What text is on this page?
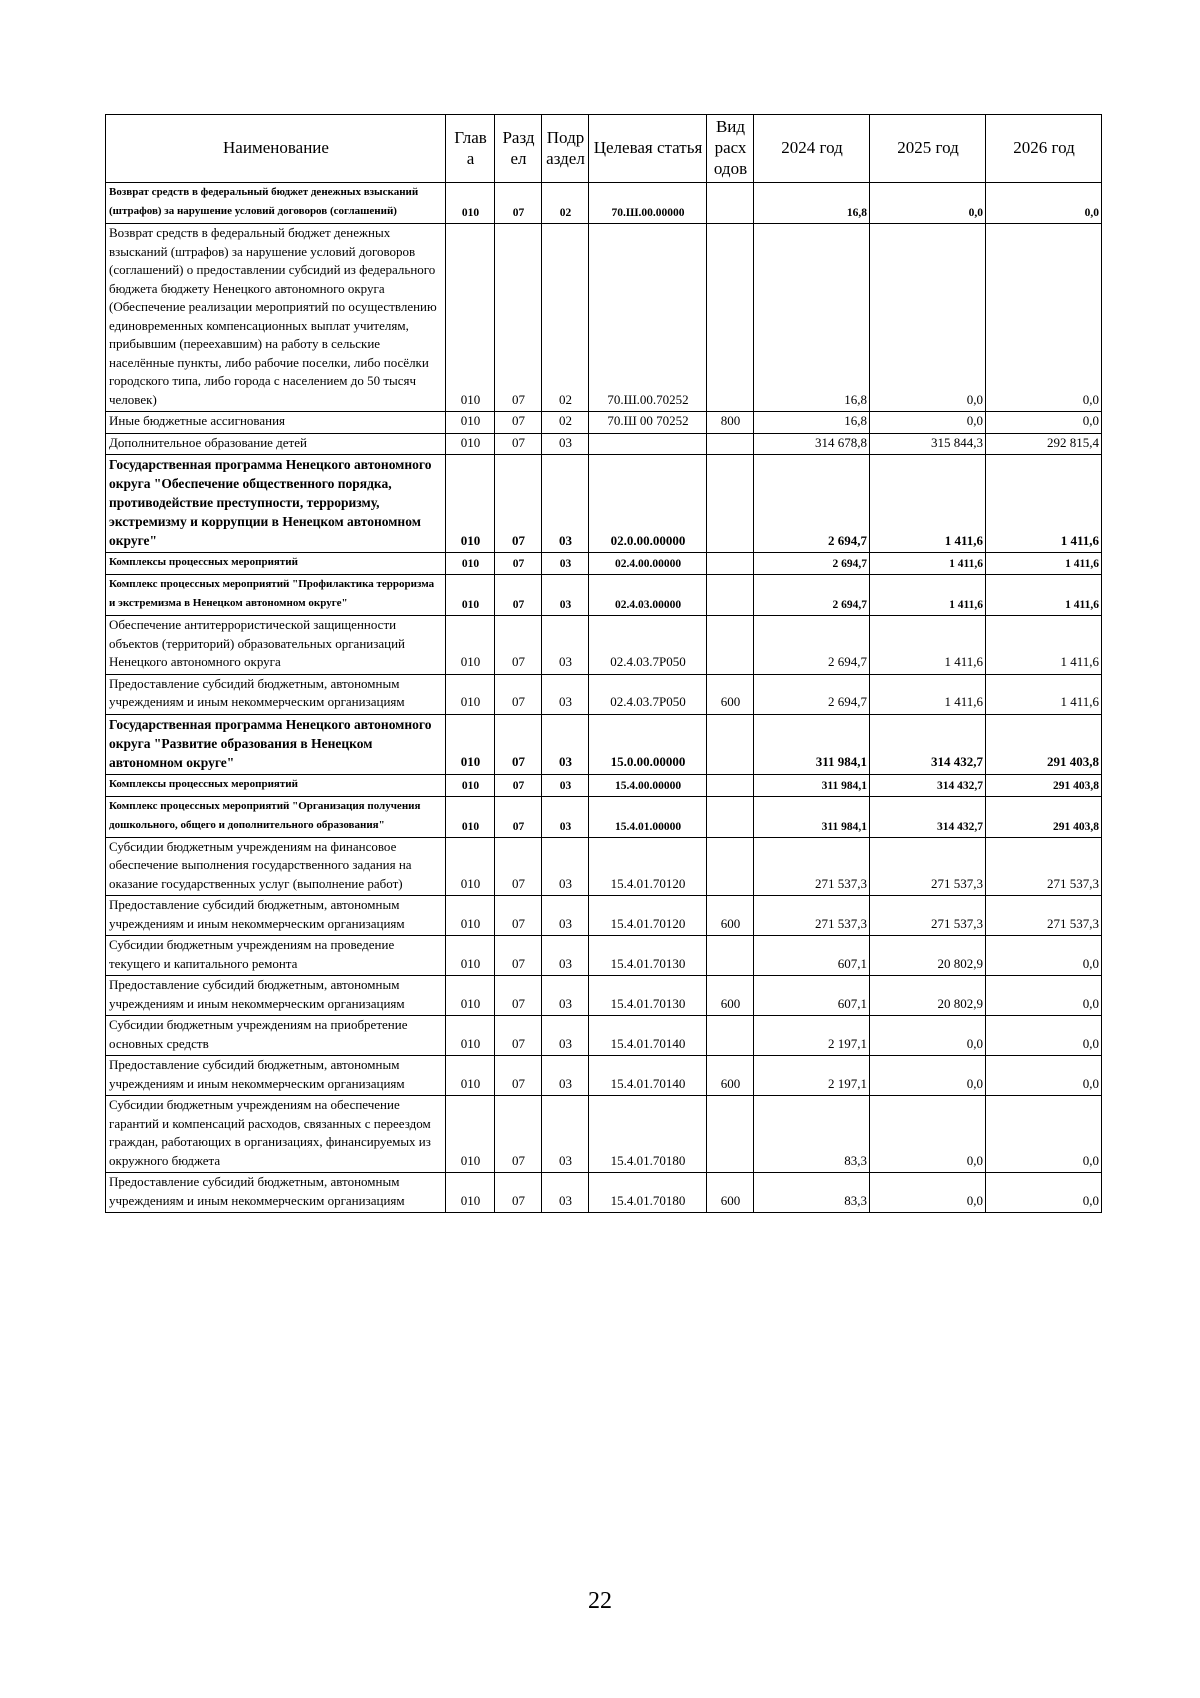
Наименование	Глав а	Разд ел	Подр аздел	Целевая статья	Вид расх одов	2024 год	2025 год	2026 год
Возврат средств в федеральный бюджет денежных взысканий (штрафов) за нарушение условий договоров (соглашений)	010	07	02	70.Ш.00.00000		16,8	0,0	0,0
Возврат средств в федеральный бюджет денежных взысканий (штрафов) за нарушение условий договоров (соглашений) о предоставлении субсидий из федерального бюджета бюджету Ненецкого автономного округа (Обеспечение реализации мероприятий по осуществлению единовременных компенсационных выплат учителям, прибывшим (переехавшим) на работу в сельские населённые пункты, либо рабочие поселки, либо посёлки городского типа, либо города с населением до 50 тысяч человек)	010	07	02	70.Ш.00.70252		16,8	0,0	0,0
Иные бюджетные ассигнования	010	07	02	70.Ш 00 70252	800	16,8	0,0	0,0
Дополнительное образование детей	010	07	03			314 678,8	315 844,3	292 815,4
Государственная программа Ненецкого автономного округа "Обеспечение общественного порядка, противодействие преступности, терроризму, экстремизму и коррупции в Ненецком автономном округе"	010	07	03	02.0.00.00000		2 694,7	1 411,6	1 411,6
Комплексы процессных мероприятий	010	07	03	02.4.00.00000		2 694,7	1 411,6	1 411,6
Комплекс процессных мероприятий "Профилактика терроризма и экстремизма в Ненецком автономном округе"	010	07	03	02.4.03.00000		2 694,7	1 411,6	1 411,6
Обеспечение антитеррористической защищенности объектов (территорий) образовательных организаций Ненецкого автономного округа	010	07	03	02.4.03.7Р050		2 694,7	1 411,6	1 411,6
Предоставление субсидий бюджетным, автономным учреждениям и иным некоммерческим организациям	010	07	03	02.4.03.7Р050	600	2 694,7	1 411,6	1 411,6
Государственная программа Ненецкого автономного округа "Развитие образования в Ненецком автономном округе"	010	07	03	15.0.00.00000		311 984,1	314 432,7	291 403,8
Комплексы процессных мероприятий	010	07	03	15.4.00.00000		311 984,1	314 432,7	291 403,8
Комплекс процессных мероприятий "Организация получения дошкольного, общего и дополнительного образования"	010	07	03	15.4.01.00000		311 984,1	314 432,7	291 403,8
Субсидии бюджетным учреждениям на финансовое обеспечение выполнения государственного задания на оказание государственных услуг (выполнение работ)	010	07	03	15.4.01.70120		271 537,3	271 537,3	271 537,3
Предоставление субсидий бюджетным, автономным учреждениям и иным некоммерческим организациям	010	07	03	15.4.01.70120	600	271 537,3	271 537,3	271 537,3
Субсидии бюджетным учреждениям на проведение текущего и капитального ремонта	010	07	03	15.4.01.70130		607,1	20 802,9	0,0
Предоставление субсидий бюджетным, автономным учреждениям и иным некоммерческим организациям	010	07	03	15.4.01.70130	600	607,1	20 802,9	0,0
Субсидии бюджетным учреждениям на приобретение основных средств	010	07	03	15.4.01.70140		2 197,1	0,0	0,0
Предоставление субсидий бюджетным, автономным учреждениям и иным некоммерческим организациям	010	07	03	15.4.01.70140	600	2 197,1	0,0	0,0
Субсидии бюджетным учреждениям на обеспечение гарантий и компенсаций расходов, связанных с переездом граждан, работающих в организациях, финансируемых из окружного бюджета	010	07	03	15.4.01.70180		83,3	0,0	0,0
Предоставление субсидий бюджетным, автономным учреждениям и иным некоммерческим организациям	010	07	03	15.4.01.70180	600	83,3	0,0	0,0
22
